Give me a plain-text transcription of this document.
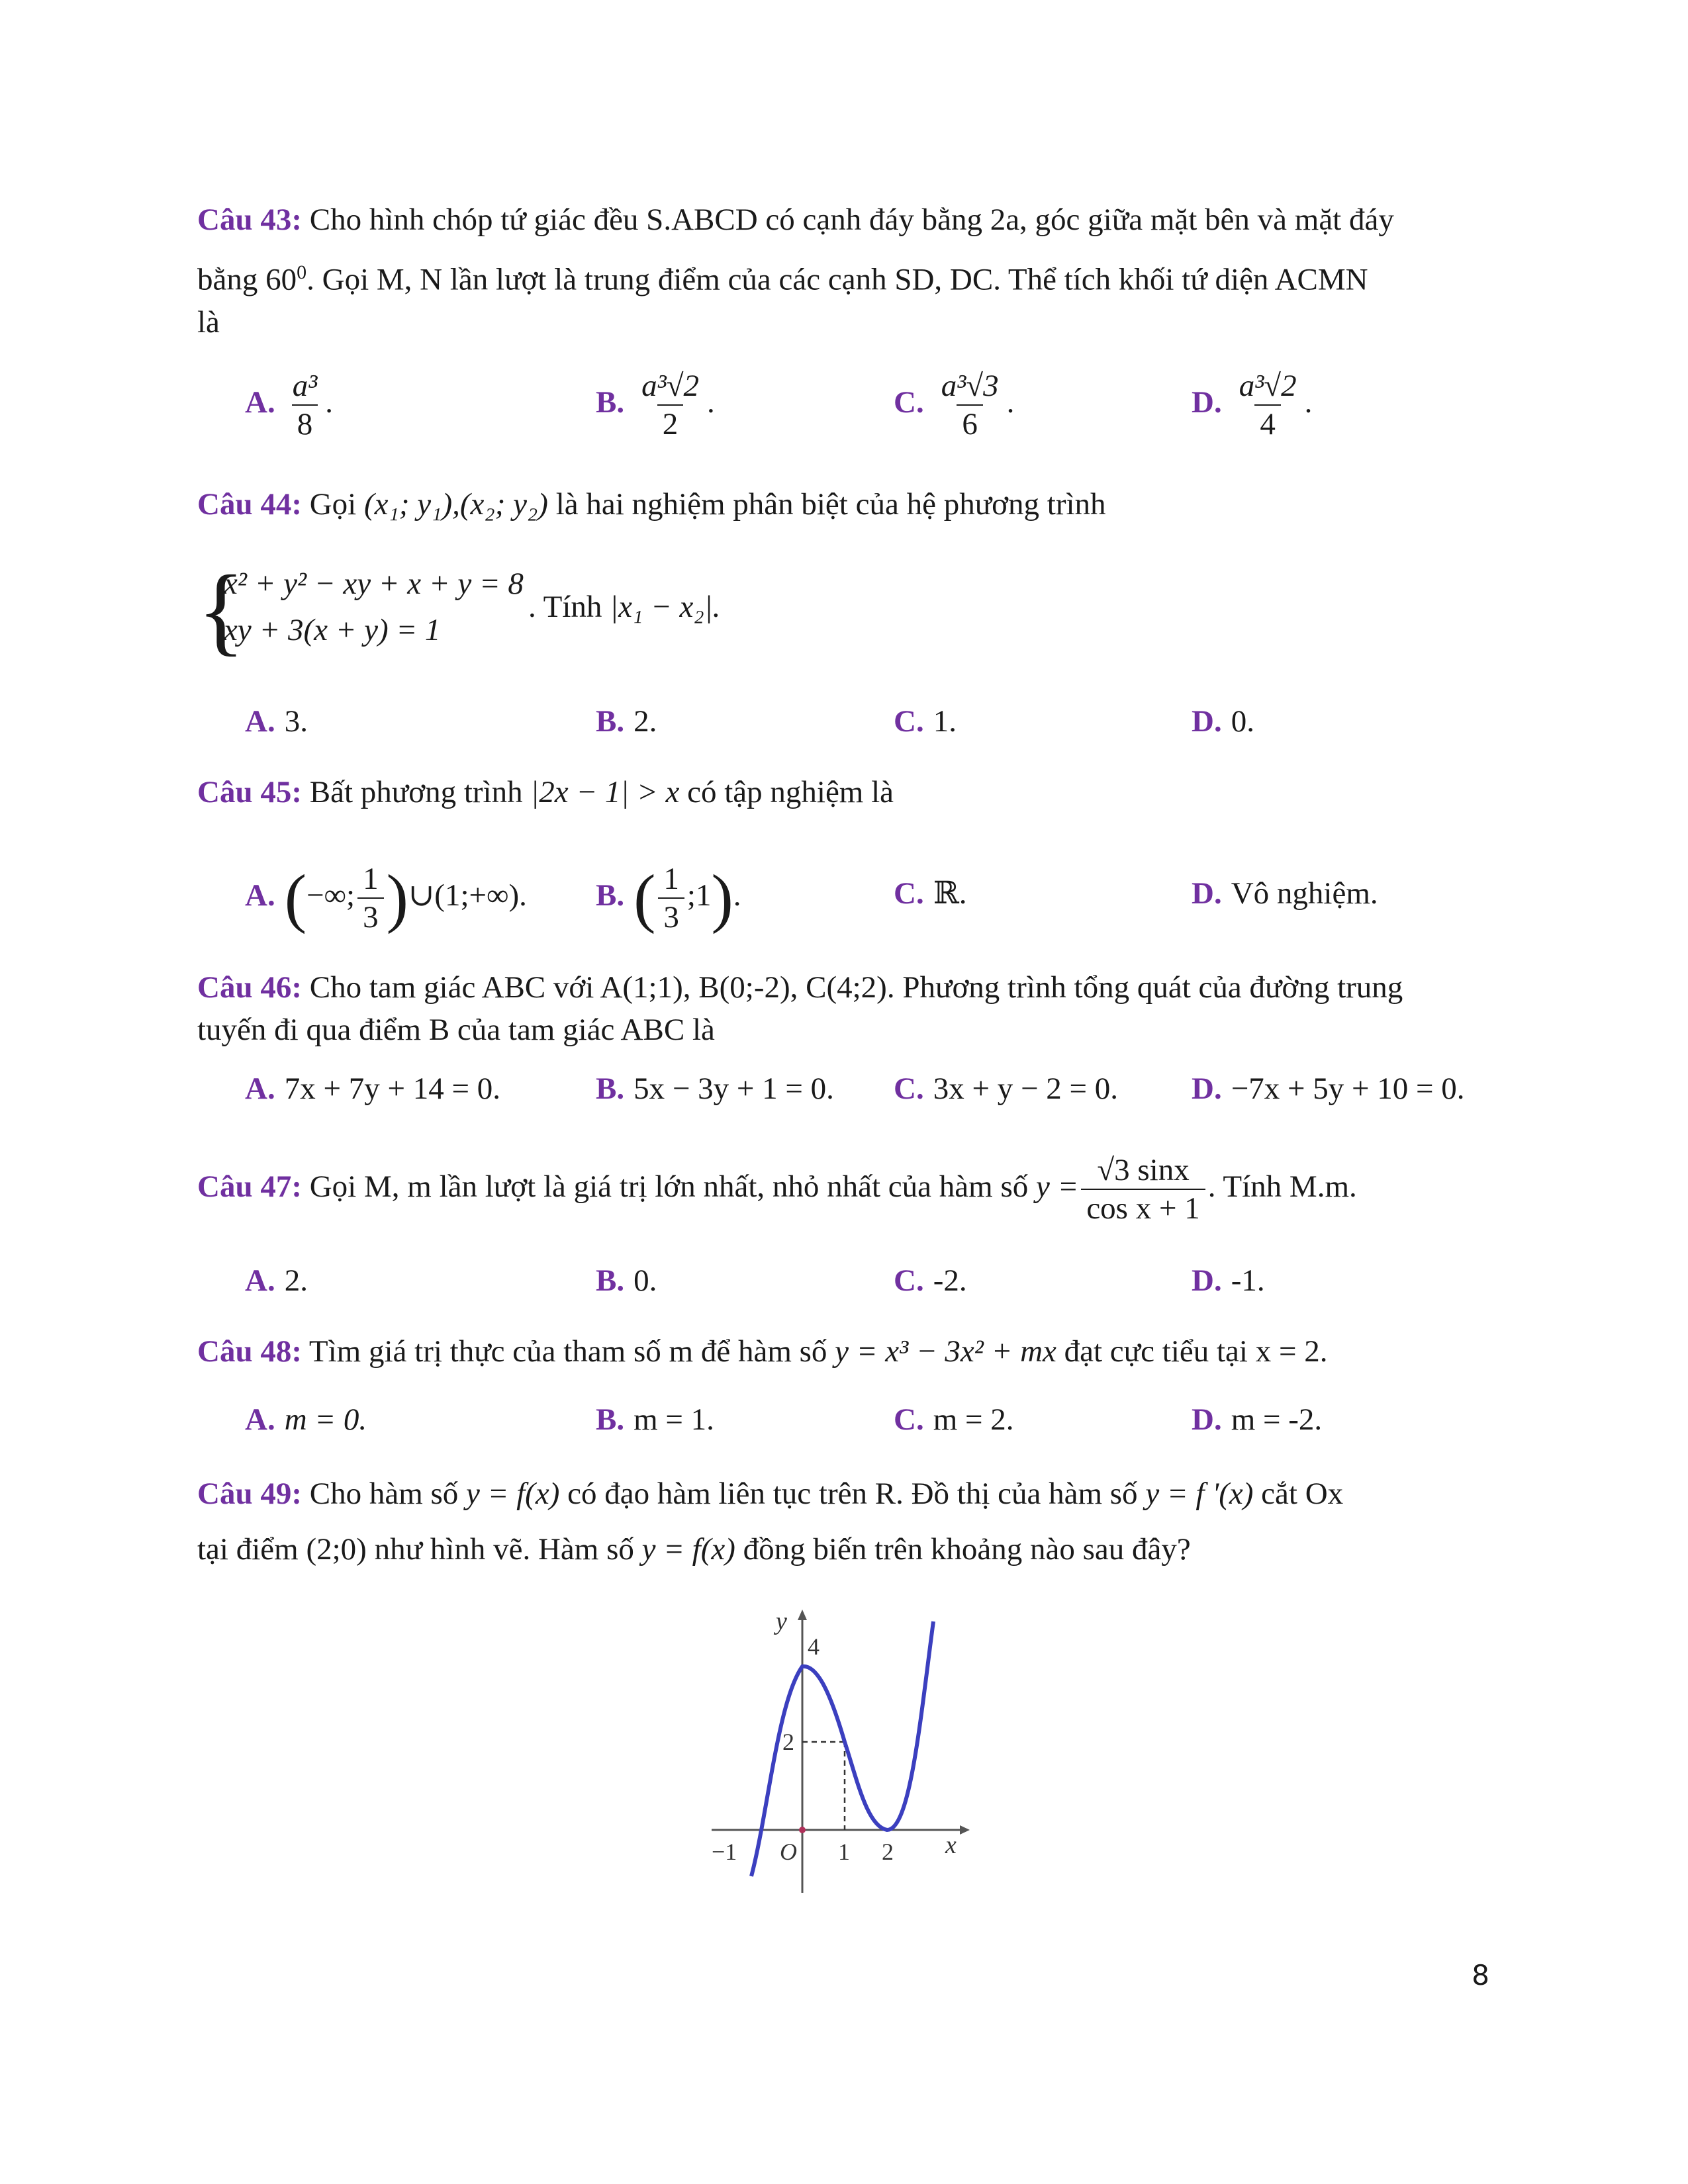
Câu 43: Cho hình chóp tứ giác đều S.ABCD có cạnh đáy bằng 2a, góc giữa mặt bên và mặt đáy
bằng $60^0$. Gọi M, N lần lượt là trung điểm của các cạnh SD, DC. Thể tích khối tứ diện ACMN
là
A. $\frac{\text{a³}}{8}$ .	B. $\frac{\text{a³√2}}{2}$ .	C. $\frac{\text{a³√3}}{6}$ .	D. $\frac{\text{a³√2}}{4}$ .
Câu 44: Gọi (x₁; y₁),(x₂; y₂) là hai nghiệm phân biệt của hệ phương trình
{
x² + y² − xy + x + y = 8
xy + 3(x + y) = 1
. Tính |x₁ − x₂|.
A. 3.	B. 2.	C. 1.	D. 0.
Câu 45: Bất phương trình |2x − 1| > x có tập nghiệm là
A. (−∞; $\frac{1}{3}$ )∪(1;+∞). B. ( $\frac{1}{3}$ ;1).	C. ℝ.	D. Vô nghiệm.
Câu 46: Cho tam giác ABC với A(1;1), B(0;-2), C(4;2). Phương trình tổng quát của đường trung
tuyến đi qua điểm B của tam giác ABC là
A. 7x + 7y + 14 = 0.	B. 5x − 3y + 1 = 0. C. 3x + y − 2 = 0. D. −7x + 5y + 10 = 0.
Câu 47: Gọi M, m lần lượt là giá trị lớn nhất, nhỏ nhất của hàm số $y = \frac{√3 \sin x}{\text{cos x + 1}}$ . Tính M.m.
A. 2.	B. 0.	C. -2.	D. -1.
Câu 48: Tìm giá trị thực của tham số m để hàm số y = x³ − 3x² + mx đạt cực tiểu tại x = 2.
A. m = 0.	B. m = 1.	C. m = 2.	D. m = -2.
Câu 49: Cho hàm số y = f(x) có đạo hàm liên tục trên R. Đồ thị của hàm số y = f '(x) cắt Ox
tại điểm (2;0) như hình vẽ. Hàm số y = f(x) đồng biến trên khoảng nào sau đây?
y
4
2
−1 O 1 2 x
8
